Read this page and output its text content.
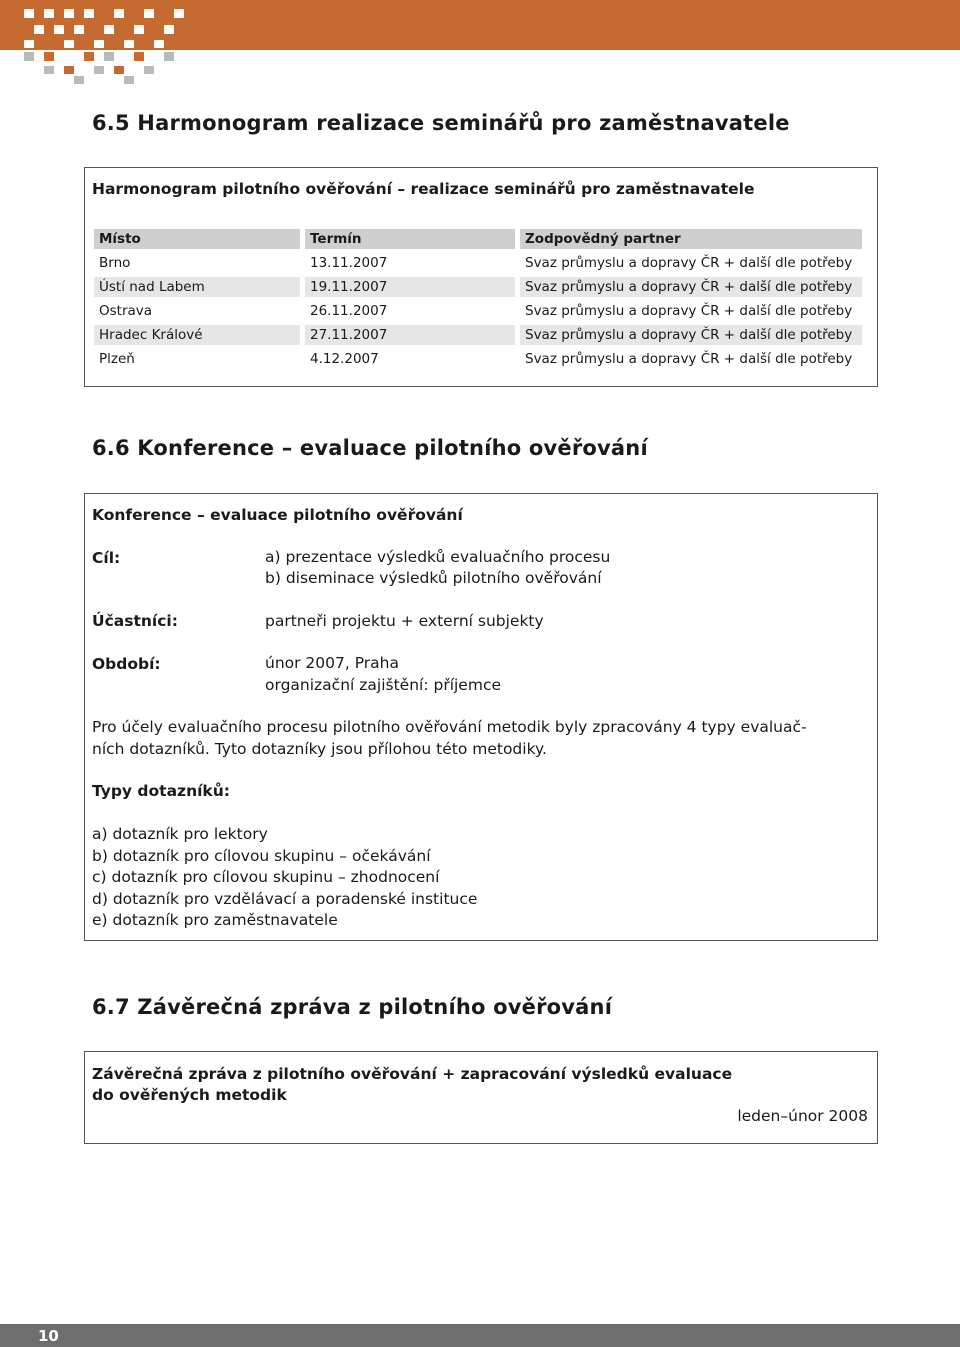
6.5 Harmonogram realizace seminářů pro zaměstnavatele
Harmonogram pilotního ověřování – realizace seminářů pro zaměstnavatele
Místo	Termín	Zodpovědný partner
Brno	13.11.2007	Svaz průmyslu a dopravy ČR + další dle potřeby
Ústí nad Labem	19.11.2007	Svaz průmyslu a dopravy ČR + další dle potřeby
Ostrava	26.11.2007	Svaz průmyslu a dopravy ČR + další dle potřeby
Hradec Králové	27.11.2007	Svaz průmyslu a dopravy ČR + další dle potřeby
Plzeň	4.12.2007	Svaz průmyslu a dopravy ČR + další dle potřeby
6.6 Konference – evaluace pilotního ověřování
Konference – evaluace pilotního ověřování
Cíl:	a) prezentace výsledků evaluačního procesu
b) diseminace výsledků pilotního ověřování
Účastníci:	partneři projektu + externí subjekty
Období:	únor 2007, Praha
organizační zajištění: příjemce
Pro účely evaluačního procesu pilotního ověřování metodik byly zpracovány 4 typy evaluač-
ních dotazníků. Tyto dotazníky jsou přílohou této metodiky.
Typy dotazníků:
a) dotazník pro lektory
b) dotazník pro cílovou skupinu – očekávání
c) dotazník pro cílovou skupinu – zhodnocení
d) dotazník pro vzdělávací a poradenské instituce
e) dotazník pro zaměstnavatele
6.7 Závěrečná zpráva z pilotního ověřování
Závěrečná zpráva z pilotního ověřování + zapracování výsledků evaluace
do ověřených metodik
leden–únor 2008
10
